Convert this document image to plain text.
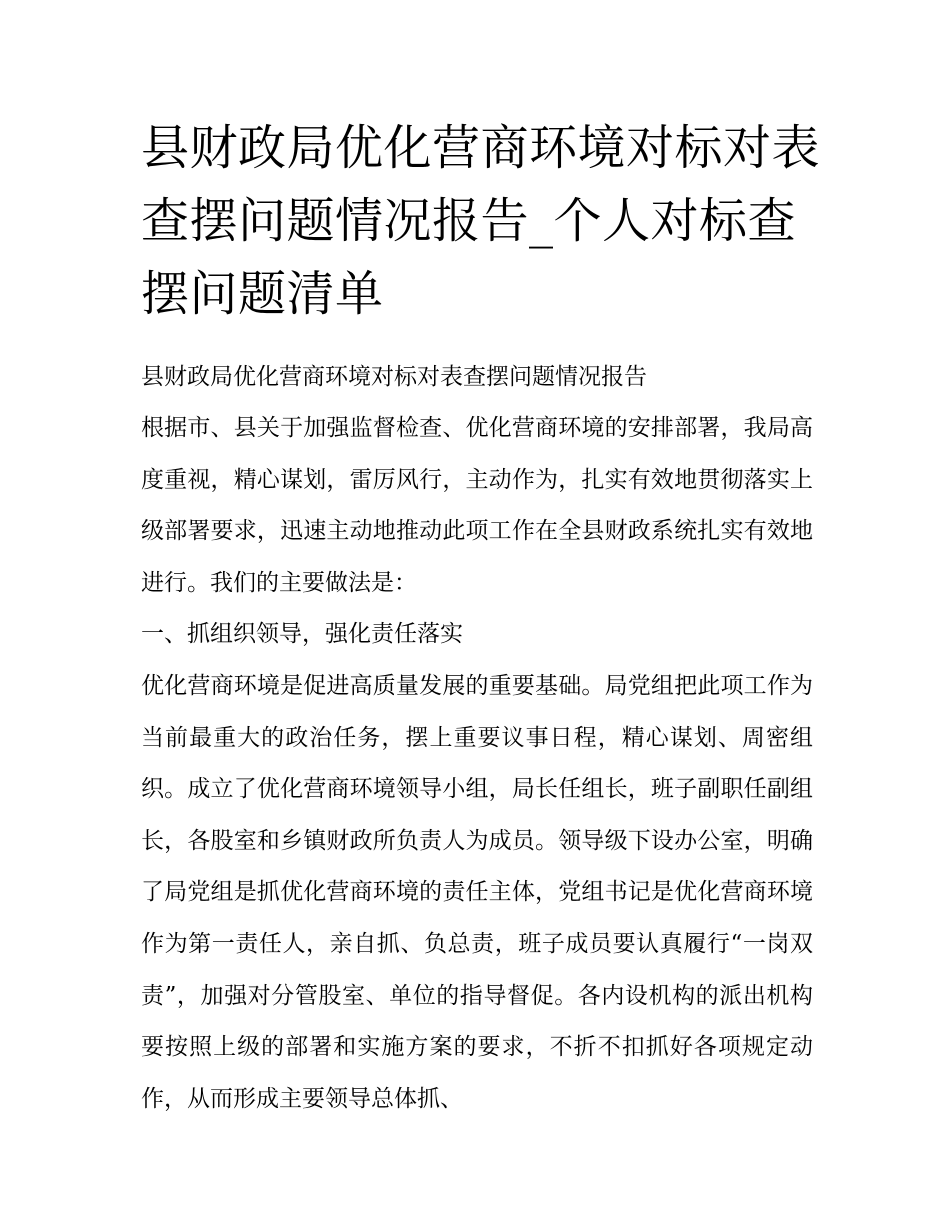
县财政局优化营商环境对标对表查摆问题情况报告_个人对标查摆问题清单

县财政局优化营商环境对标对表查摆问题情况报告

根据市、县关于加强监督检查、优化营商环境的安排部署，我局高度重视，精心谋划，雷厉风行，主动作为，扎实有效地贯彻落实上级部署要求，迅速主动地推动此项工作在全县财政系统扎实有效地进行。我们的主要做法是：

一、抓组织领导，强化责任落实

优化营商环境是促进高质量发展的重要基础。局党组把此项工作为当前最重大的政治任务，摆上重要议事日程，精心谋划、周密组织。成立了优化营商环境领导小组，局长任组长，班子副职任副组长，各股室和乡镇财政所负责人为成员。领导级下设办公室，明确了局党组是抓优化营商环境的责任主体，党组书记是优化营商环境作为第一责任人，亲自抓、负总责，班子成员要认真履行“一岗双责”，加强对分管股室、单位的指导督促。各内设机构的派出机构要按照上级的部署和实施方案的要求，不折不扣抓好各项规定动作，从而形成主要领导总体抓、
